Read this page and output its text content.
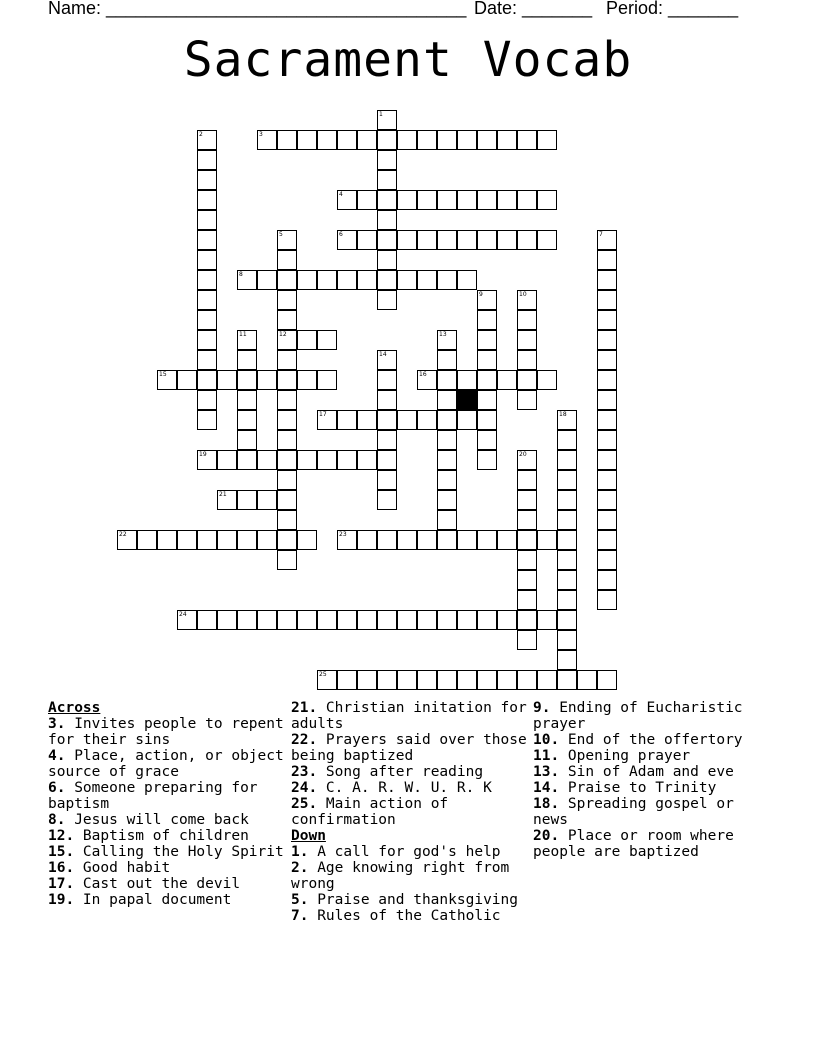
Name: ____________________________________ Date: _______ Period: _______
Sacrament Vocab
1
2	3
4
5	6	7
8
9	10
11	12	13
14
15	16
17	18
19	20
21
22	23
24
25
Across
3. Invites people to repent for their sins
4. Place, action, or object source of grace
6. Someone preparing for baptism
8. Jesus will come back
12. Baptism of children
15. Calling the Holy Spirit
16. Good habit
17. Cast out the devil
19. In papal document
21. Christian initation for adults
22. Prayers said over those being baptized
23. Song after reading
24. C. A. R. W. U. R. K
25. Main action of confirmation
Down
1. A call for god's help
2. Age knowing right from wrong
5. Praise and thanksgiving
7. Rules of the Catholic
9. Ending of Eucharistic prayer
10. End of the offertory
11. Opening prayer
13. Sin of Adam and eve
14. Praise to Trinity
18. Spreading gospel or news
20. Place or room where people are baptized
